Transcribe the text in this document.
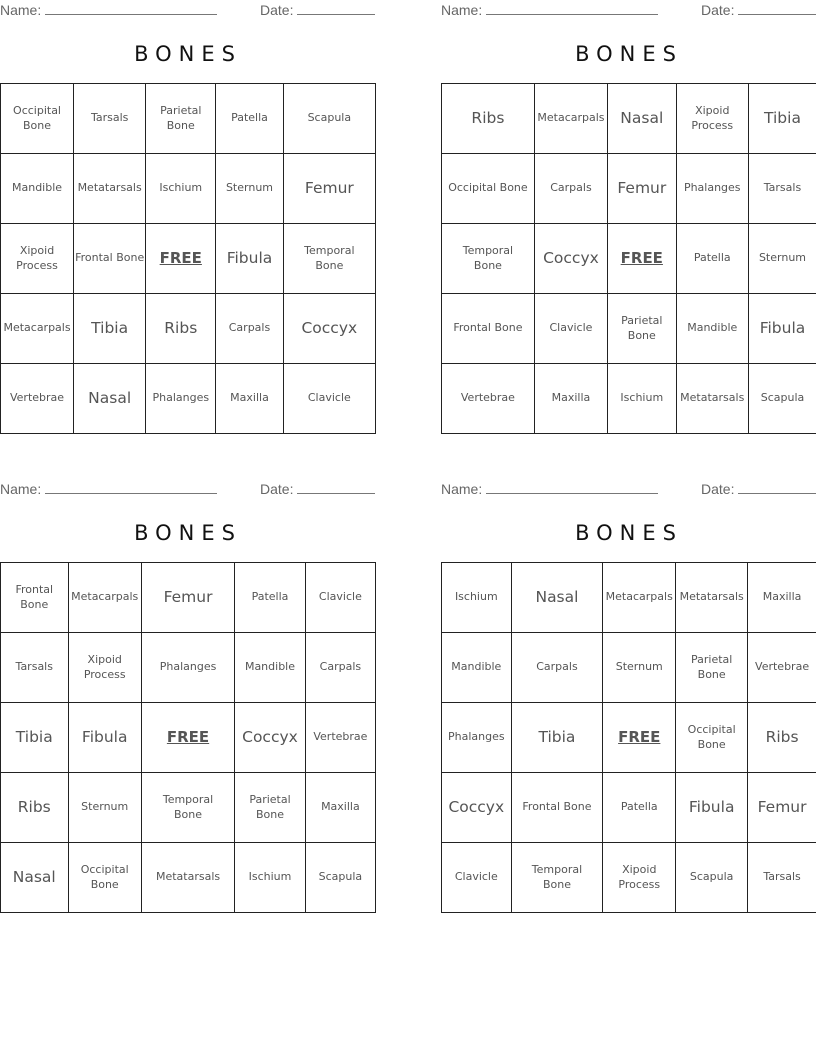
Name:	Date:
BONES
Occipital Bone	Tarsals	Parietal Bone	Patella	Scapula
Mandible	Metatarsals	Ischium	Sternum	Femur
Xipoid Process	Frontal Bone	FREE	Fibula	Temporal Bone
Metacarpals	Tibia	Ribs	Carpals	Coccyx
Vertebrae	Nasal	Phalanges	Maxilla	Clavicle
Name:	Date:
BONES
Ribs	Metacarpals	Nasal	Xipoid Process	Tibia
Occipital Bone	Carpals	Femur	Phalanges	Tarsals
Temporal Bone	Coccyx	FREE	Patella	Sternum
Frontal Bone	Clavicle	Parietal Bone	Mandible	Fibula
Vertebrae	Maxilla	Ischium	Metatarsals	Scapula
Name:	Date:
BONES
Frontal Bone	Metacarpals	Femur	Patella	Clavicle
Tarsals	Xipoid Process	Phalanges	Mandible	Carpals
Tibia	Fibula	FREE	Coccyx	Vertebrae
Ribs	Sternum	Temporal Bone	Parietal Bone	Maxilla
Nasal	Occipital Bone	Metatarsals	Ischium	Scapula
Name:	Date:
BONES
Ischium	Nasal	Metacarpals	Metatarsals	Maxilla
Mandible	Carpals	Sternum	Parietal Bone	Vertebrae
Phalanges	Tibia	FREE	Occipital Bone	Ribs
Coccyx	Frontal Bone	Patella	Fibula	Femur
Clavicle	Temporal Bone	Xipoid Process	Scapula	Tarsals
